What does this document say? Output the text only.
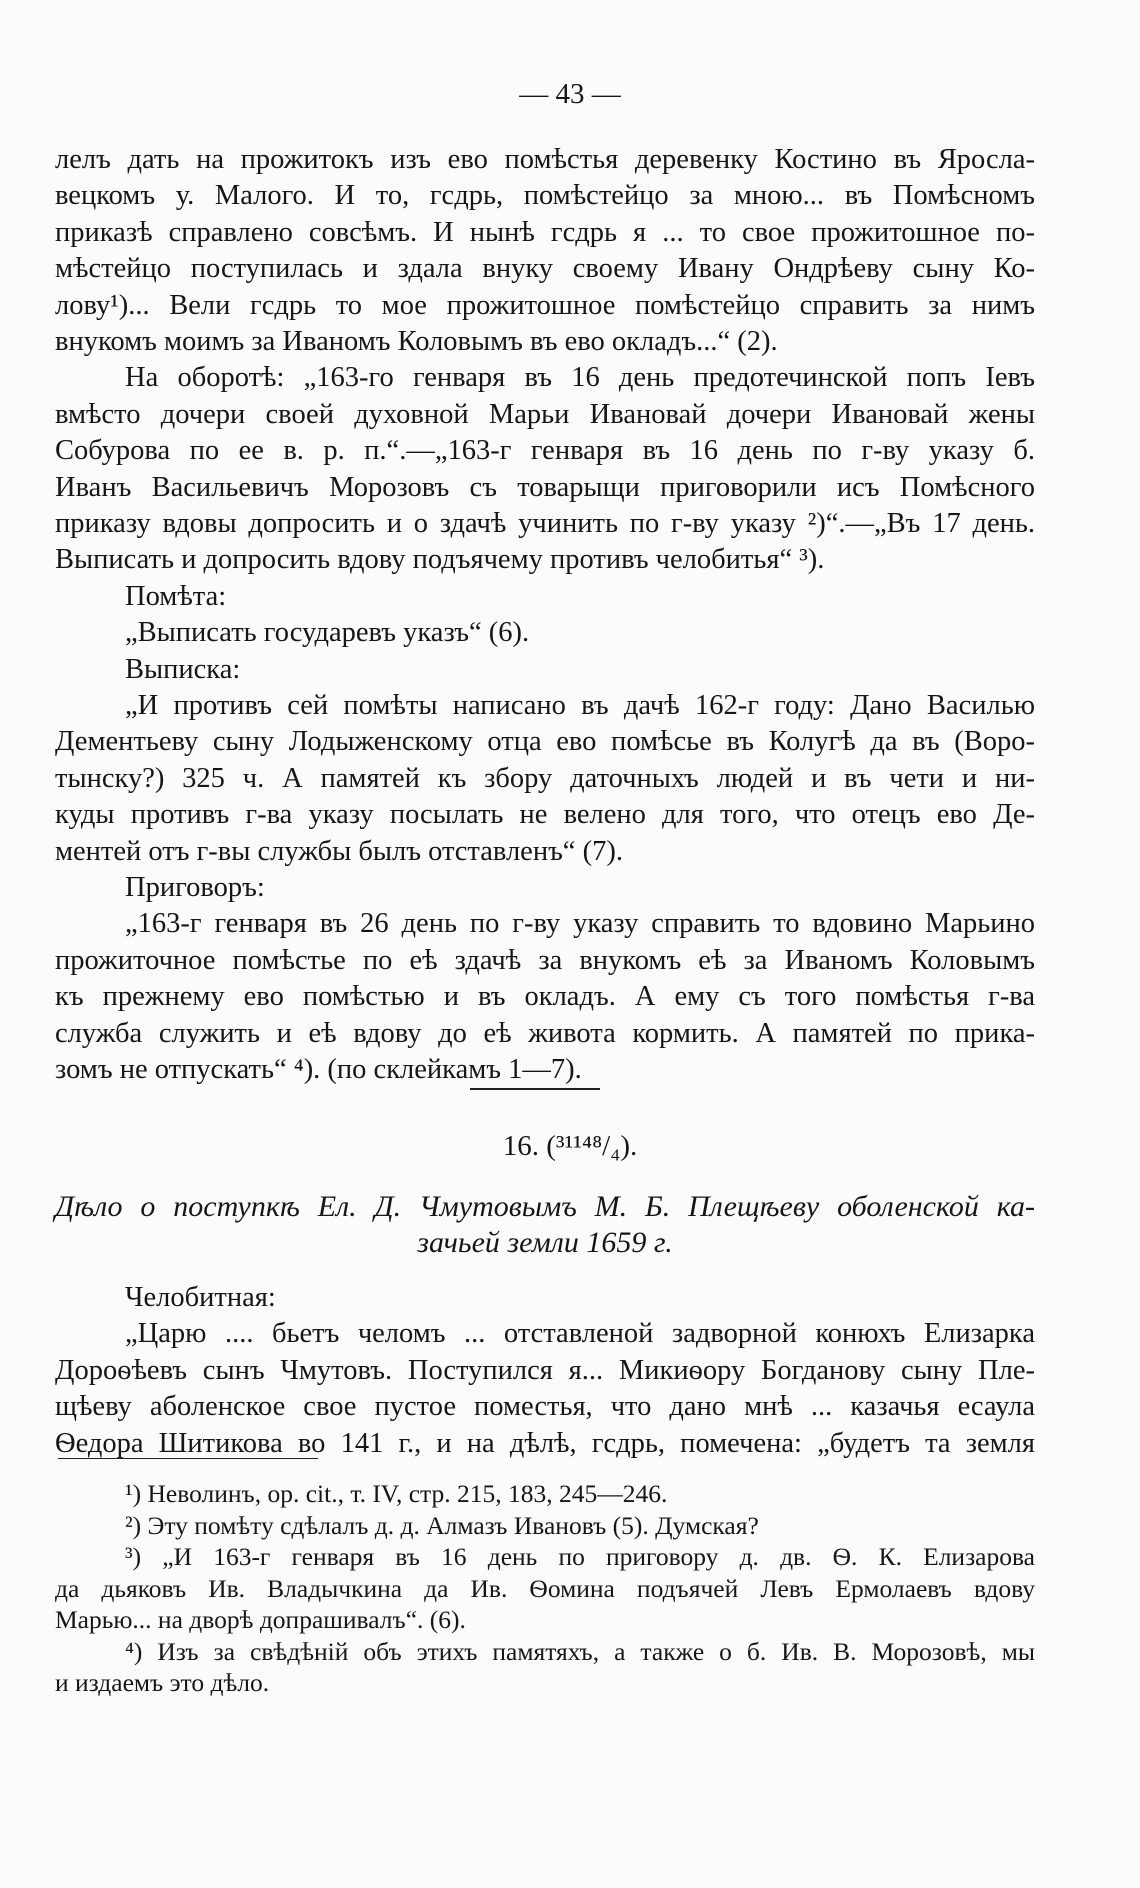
— 43 —
лелъ дать на прожитокъ изъ ево помѣстья деревенку Костино въ Яросла-
вецкомъ у. Малого. И то, гсдрь, помѣстейцо за мною... въ Помѣсномъ
приказѣ справлено совсѣмъ. И нынѣ гсдрь я ... то свое прожитошное по-
мѣстейцо поступилась и здала внуку своему Ивану Ондрѣеву сыну Ко-
лову¹)... Вели гсдрь то мое прожитошное помѣстейцо справить за нимъ
внукомъ моимъ за Иваномъ Коловымъ въ ево окладъ...“ (2).
На оборотѣ: „163-го генваря въ 16 день предотечинской попъ Іевъ
вмѣсто дочери своей духовной Марьи Ивановай дочери Ивановай жены
Собурова по ее в. р. п.“.—„163-г генваря въ 16 день по г-ву указу б.
Иванъ Васильевичъ Морозовъ съ товарыщи приговорили исъ Помѣсного
приказу вдовы допросить и о здачѣ учинить по г-ву указу ²)“.—„Въ 17 день.
Выписать и допросить вдову подъячему противъ челобитья“ ³).
Помѣта:
„Выписать государевъ указъ“ (6).
Выписка:
„И противъ сей помѣты написано въ дачѣ 162-г году: Дано Василью
Дементьеву сыну Лодыженскому отца ево помѣсье въ Колугѣ да въ (Воро-
тынску?) 325 ч. А памятей къ збору даточныхъ людей и въ чети и ни-
куды противъ г-ва указу посылать не велено для того, что отецъ ево Де-
ментей отъ г-вы службы былъ отставленъ“ (7).
Приговоръ:
„163-г генваря въ 26 день по г-ву указу справить то вдовино Марьино
прожиточное помѣстье по еѣ здачѣ за внукомъ еѣ за Иваномъ Коловымъ
къ прежнему ево помѣстью и въ окладъ. А ему съ того помѣстья г-ва
служба служить и еѣ вдову до еѣ живота кормить. А памятей по прика-
зомъ не отпускать“ ⁴). (по склейкамъ 1—7).
16. (³¹¹⁴⁸/₄).
Дѣло о поступкѣ Ел. Д. Чмутовымъ М. Б. Плещѣеву оболенской ка-
зачьей земли 1659 г.
Челобитная:
„Царю .... бьетъ челомъ ... отставленой задворной конюхъ Елизарка
Дороѳѣевъ сынъ Чмутовъ. Поступился я... Микиѳору Богданову сыну Пле-
щѣеву аболенское свое пустое поместья, что дано мнѣ ... казачья есаула
Ѳедора Шитикова во 141 г., и на дѣлѣ, гсдрь, помечена: „будетъ та земля
¹) Неволинъ, op. cit., т. IV, стр. 215, 183, 245—246.
²) Эту помѣту сдѣлалъ д. д. Алмазъ Ивановъ (5). Думская?
³) „И 163-г генваря въ 16 день по приговору д. дв. Ѳ. К. Елизарова
да дьяковъ Ив. Владычкина да Ив. Ѳомина подъячей Левъ Ермолаевъ вдову
Марью... на дворѣ допрашивалъ“. (6).
⁴) Изъ за свѣдѣній объ этихъ памятяхъ, а также о б. Ив. В. Морозовѣ, мы
и издаемъ это дѣло.
